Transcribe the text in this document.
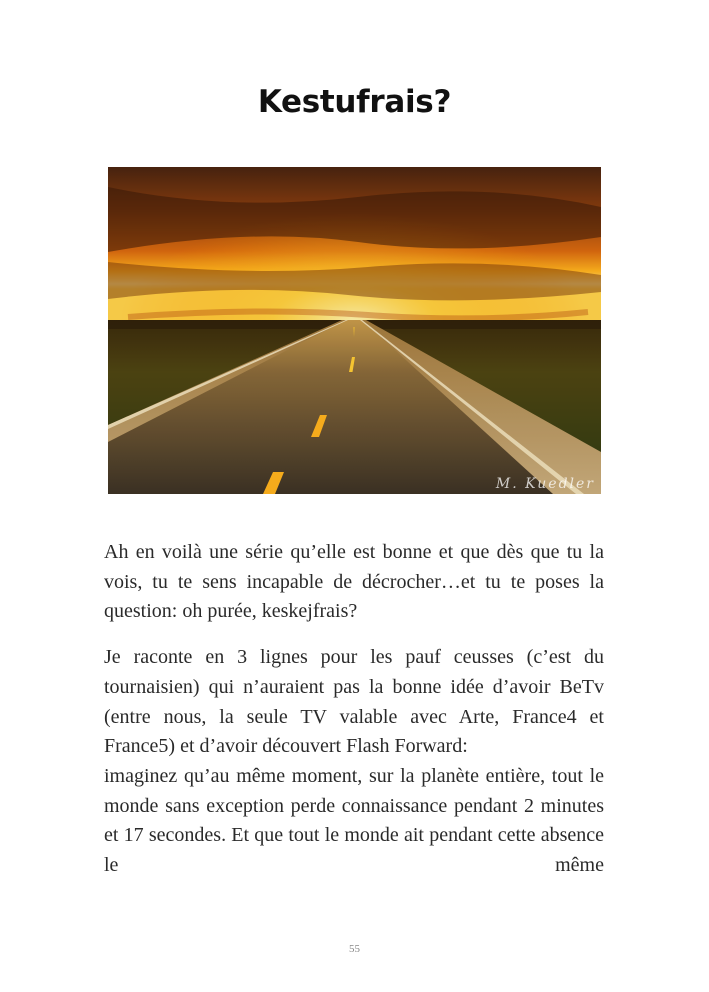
Kestufrais?
M. Kuedler

Ah en voilà une série qu’elle est bonne et que dès que tu la vois, tu te sens incapable de décrocher…et tu te poses la question: oh purée, keskejfrais?

Je raconte en 3 lignes pour les pauf ceusses (c’est du tournaisien) qui n’auraient pas la bonne idée d’avoir BeTv (entre nous, la seule TV valable avec Arte, France4 et France5) et d’avoir découvert Flash Forward:

imaginez qu’au même moment, sur la planète entière, tout le monde sans exception perde connaissance pendant 2 minutes et 17 secondes. Et que tout le monde ait pendant cette absence le même

55
